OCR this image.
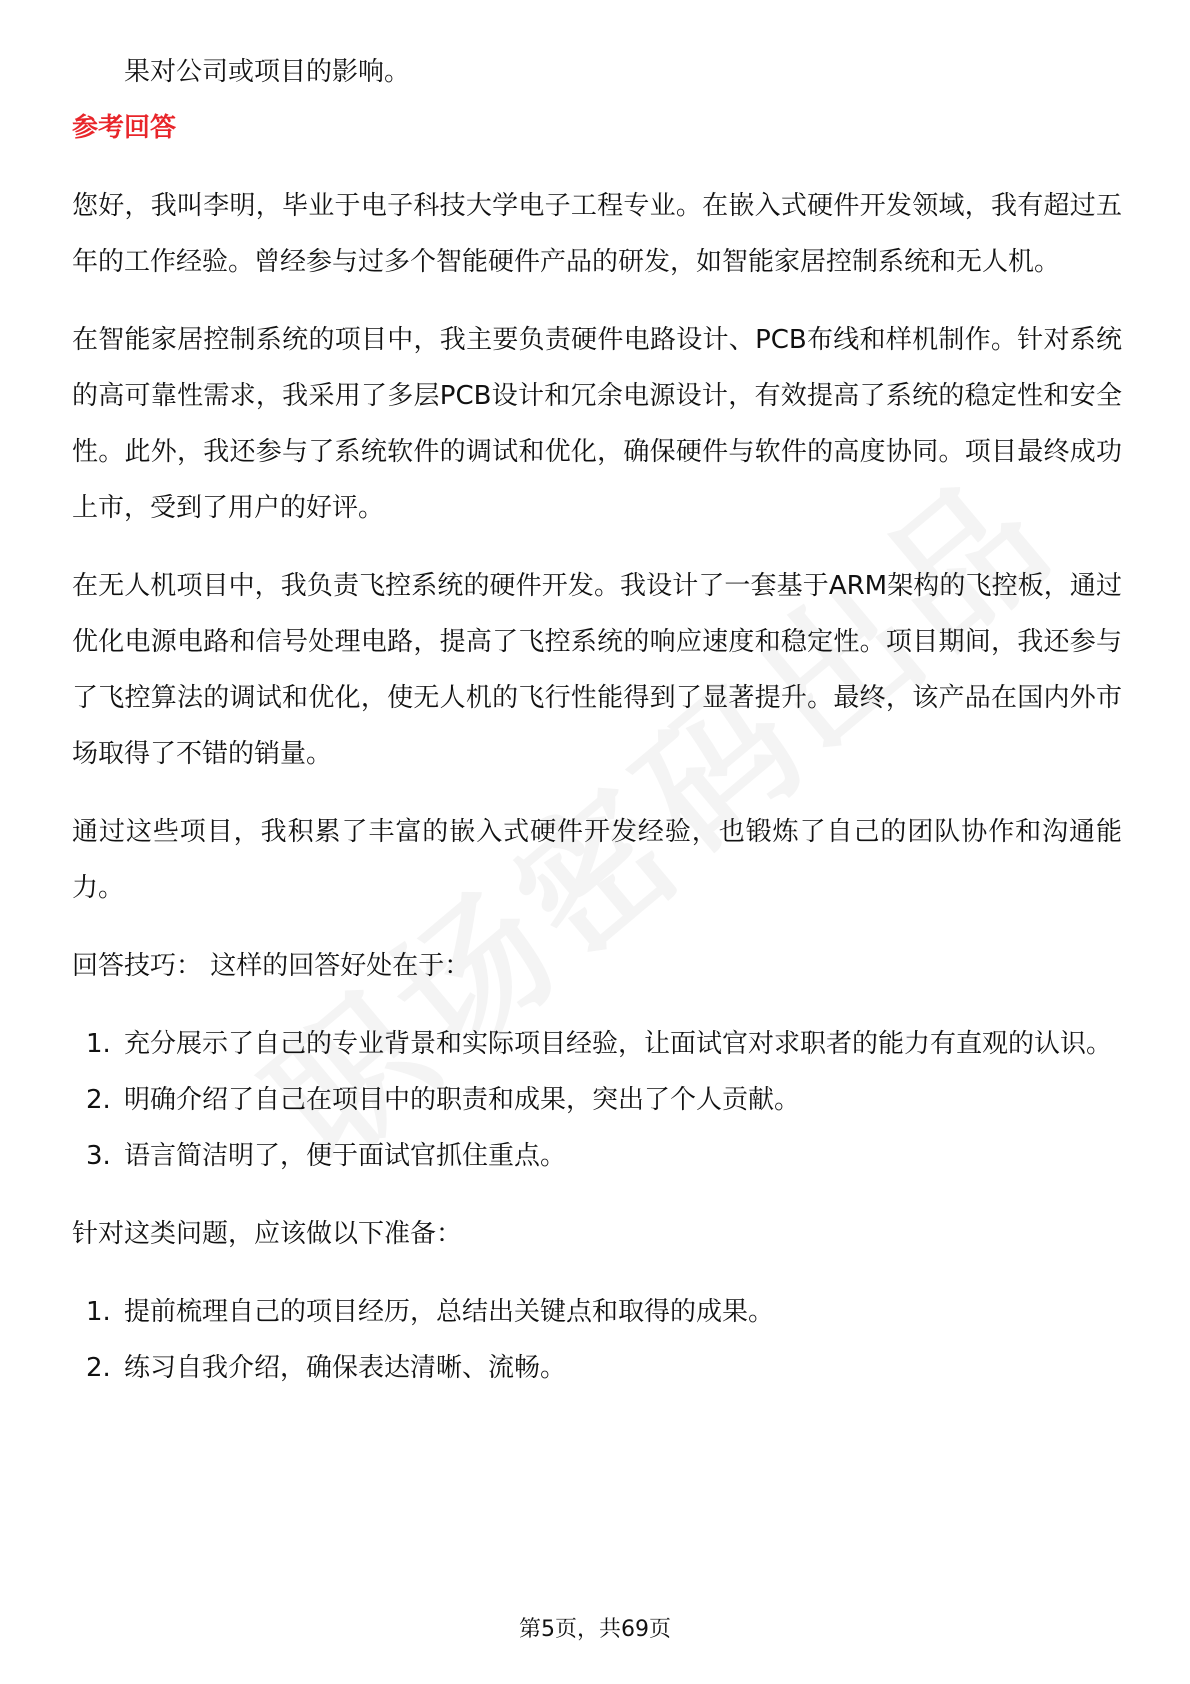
果对公司或项目的影响。

参考回答

您好，我叫李明，毕业于电子科技大学电子工程专业。在嵌入式硬件开发领域，我有超过五年的工作经验。曾经参与过多个智能硬件产品的研发，如智能家居控制系统和无人机。

在智能家居控制系统的项目中，我主要负责硬件电路设计、PCB布线和样机制作。针对系统的高可靠性需求，我采用了多层PCB设计和冗余电源设计，有效提高了系统的稳定性和安全性。此外，我还参与了系统软件的调试和优化，确保硬件与软件的高度协同。项目最终成功上市，受到了用户的好评。

在无人机项目中，我负责飞控系统的硬件开发。我设计了一套基于ARM架构的飞控板，通过优化电源电路和信号处理电路，提高了飞控系统的响应速度和稳定性。项目期间，我还参与了飞控算法的调试和优化，使无人机的飞行性能得到了显著提升。最终，该产品在国内外市场取得了不错的销量。

通过这些项目，我积累了丰富的嵌入式硬件开发经验，也锻炼了自己的团队协作和沟通能力。

回答技巧： 这样的回答好处在于：

1. 充分展示了自己的专业背景和实际项目经验，让面试官对求职者的能力有直观的认识。
2. 明确介绍了自己在项目中的职责和成果，突出了个人贡献。
3. 语言简洁明了，便于面试官抓住重点。

针对这类问题，应该做以下准备：

1. 提前梳理自己的项目经历，总结出关键点和取得的成果。
2. 练习自我介绍，确保表达清晰、流畅。
第5页，共69页
